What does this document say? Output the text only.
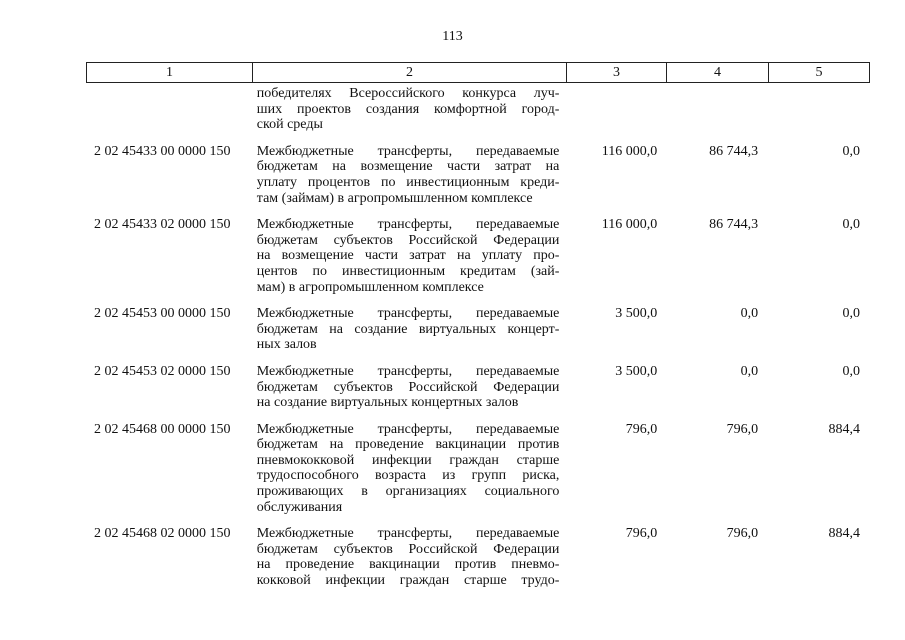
113
1	2	3	4	5
победителях Всероссийского конкурса луч-
ших проектов создания комфортной город-
ской среды
2 02 45433 00 0000 150	Межбюджетные трансферты, передаваемые
бюджетам на возмещение части затрат на
уплату процентов по инвестиционным креди-
там (займам) в агропромышленном комплексе
116 000,0	86 744,3	0,0
2 02 45433 02 0000 150	Межбюджетные трансферты, передаваемые
бюджетам субъектов Российской Федерации
на возмещение части затрат на уплату про-
центов по инвестиционным кредитам (зай-
мам) в агропромышленном комплексе
116 000,0	86 744,3	0,0
2 02 45453 00 0000 150	Межбюджетные трансферты, передаваемые
бюджетам на создание виртуальных концерт-
ных залов
3 500,0	0,0	0,0
2 02 45453 02 0000 150	Межбюджетные трансферты, передаваемые
бюджетам субъектов Российской Федерации
на создание виртуальных концертных залов
3 500,0	0,0	0,0
2 02 45468 00 0000 150	Межбюджетные трансферты, передаваемые
бюджетам на проведение вакцинации против
пневмококковой инфекции граждан старше
трудоспособного возраста из групп риска,
проживающих в организациях социального
обслуживания
796,0	796,0	884,4
2 02 45468 02 0000 150	Межбюджетные трансферты, передаваемые
бюджетам субъектов Российской Федерации
на проведение вакцинации против пневмо-
кокковой инфекции граждан старше трудо-
796,0	796,0	884,4
